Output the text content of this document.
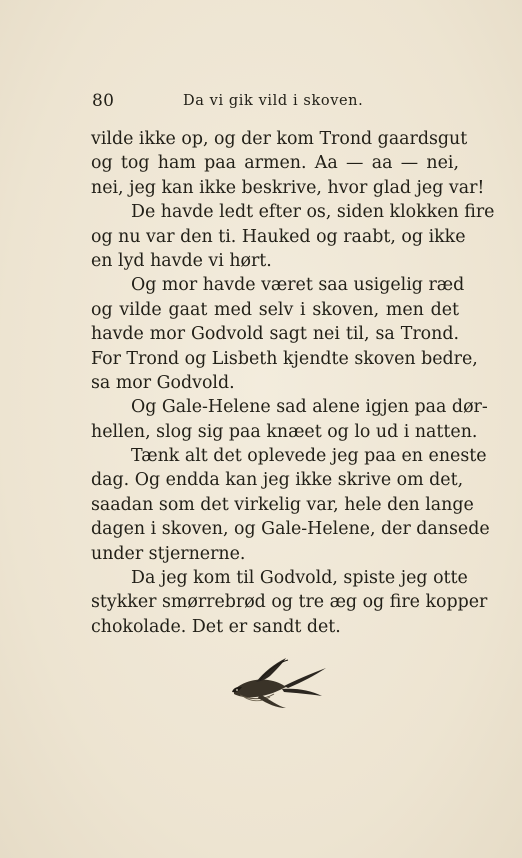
80	Da vi gik vild i skoven.
vilde ikke op, og der kom Trond gaardsgut
og tog ham paa armen. Aa — aa — nei,
nei, jeg kan ikke beskrive, hvor glad jeg var!
De havde ledt efter os, siden klokken fire
og nu var den ti. Hauked og raabt, og ikke
en lyd havde vi hørt.
Og mor havde været saa usigelig ræd
og vilde gaat med selv i skoven, men det
havde mor Godvold sagt nei til, sa Trond.
For Trond og Lisbeth kjendte skoven bedre,
sa mor Godvold.
Og Gale-Helene sad alene igjen paa dør-
hellen, slog sig paa knæet og lo ud i natten.
Tænk alt det oplevede jeg paa en eneste
dag. Og endda kan jeg ikke skrive om det,
saadan som det virkelig var, hele den lange
dagen i skoven, og Gale-Helene, der dansede
under stjernerne.
Da jeg kom til Godvold, spiste jeg otte
stykker smørrebrød og tre æg og fire kopper
chokolade. Det er sandt det.
